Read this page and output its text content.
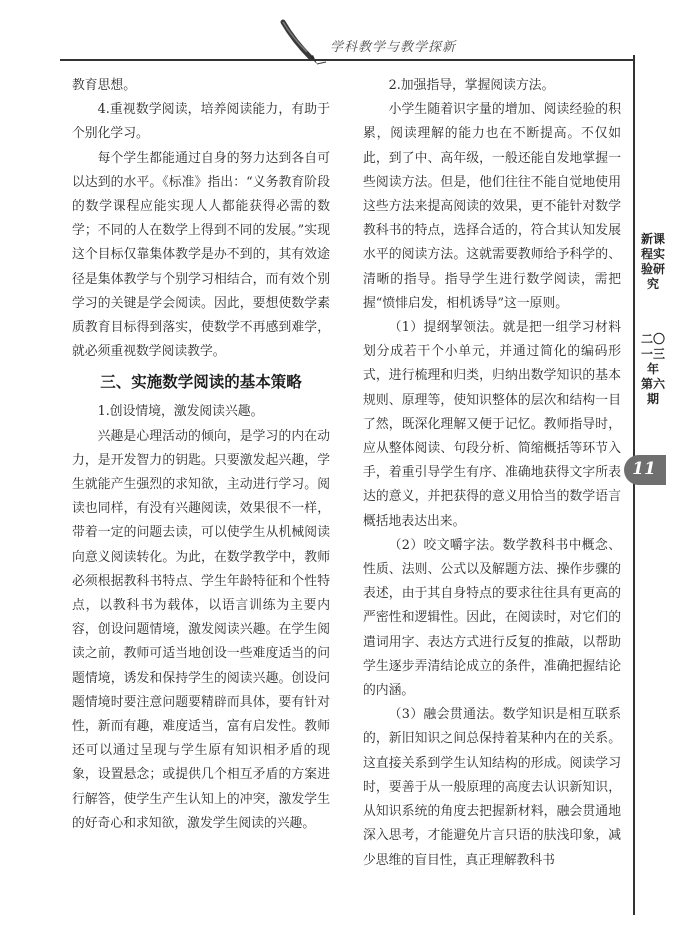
学科教学与教学探新
新课程实验研究
二〇一三年 第六期
11

教育思想。

4.重视数学阅读，培养阅读能力，有助于个别化学习。

每个学生都能通过自身的努力达到各自可以达到的水平。《标准》指出：“义务教育阶段的数学课程应能实现人人都能获得必需的数学；不同的人在数学上得到不同的发展。”实现这个目标仅靠集体教学是办不到的，其有效途径是集体教学与个别学习相结合，而有效个别学习的关键是学会阅读。因此，要想使数学素质教育目标得到落实，使数学不再感到难学，就必须重视数学阅读教学。

三、实施数学阅读的基本策略

1.创设情境，激发阅读兴趣。

兴趣是心理活动的倾向，是学习的内在动力，是开发智力的钥匙。只要激发起兴趣，学生就能产生强烈的求知欲，主动进行学习。阅读也同样，有没有兴趣阅读，效果很不一样，带着一定的问题去读，可以使学生从机械阅读向意义阅读转化。为此，在数学教学中，教师必须根据教科书特点、学生年龄特征和个性特点，以教科书为载体，以语言训练为主要内容，创设问题情境，激发阅读兴趣。在学生阅读之前，教师可适当地创设一些难度适当的问题情境，诱发和保持学生的阅读兴趣。创设问题情境时要注意问题要精辟而具体，要有针对性，新而有趣，难度适当，富有启发性。教师还可以通过呈现与学生原有知识相矛盾的现象，设置悬念；或提供几个相互矛盾的方案进行解答，使学生产生认知上的冲突，激发学生的好奇心和求知欲，激发学生阅读的兴趣。

2.加强指导，掌握阅读方法。

小学生随着识字量的增加、阅读经验的积累，阅读理解的能力也在不断提高。不仅如此，到了中、高年级，一般还能自发地掌握一些阅读方法。但是，他们往往不能自觉地使用这些方法来提高阅读的效果，更不能针对数学教科书的特点，选择合适的，符合其认知发展水平的阅读方法。这就需要教师给予科学的、清晰的指导。指导学生进行数学阅读，需把握“愤悱启发，相机诱导”这一原则。

（1）提纲挈领法。就是把一组学习材料划分成若干个小单元，并通过简化的编码形式，进行梳理和归类，归纳出数学知识的基本规则、原理等，使知识整体的层次和结构一目了然，既深化理解又便于记忆。教师指导时，应从整体阅读、句段分析、简缩概括等环节入手，着重引导学生有序、准确地获得文字所表达的意义，并把获得的意义用恰当的数学语言概括地表达出来。

（2）咬文嚼字法。数学教科书中概念、性质、法则、公式以及解题方法、操作步骤的表述，由于其自身特点的要求往往具有更高的严密性和逻辑性。因此，在阅读时，对它们的遣词用字、表达方式进行反复的推敲，以帮助学生逐步弄清结论成立的条件，准确把握结论的内涵。

（3）融会贯通法。数学知识是相互联系的，新旧知识之间总保持着某种内在的关系。这直接关系到学生认知结构的形成。阅读学习时，要善于从一般原理的高度去认识新知识，从知识系统的角度去把握新材料，融会贯通地深入思考，才能避免片言只语的肤浅印象，减少思维的盲目性，真正理解教科书
